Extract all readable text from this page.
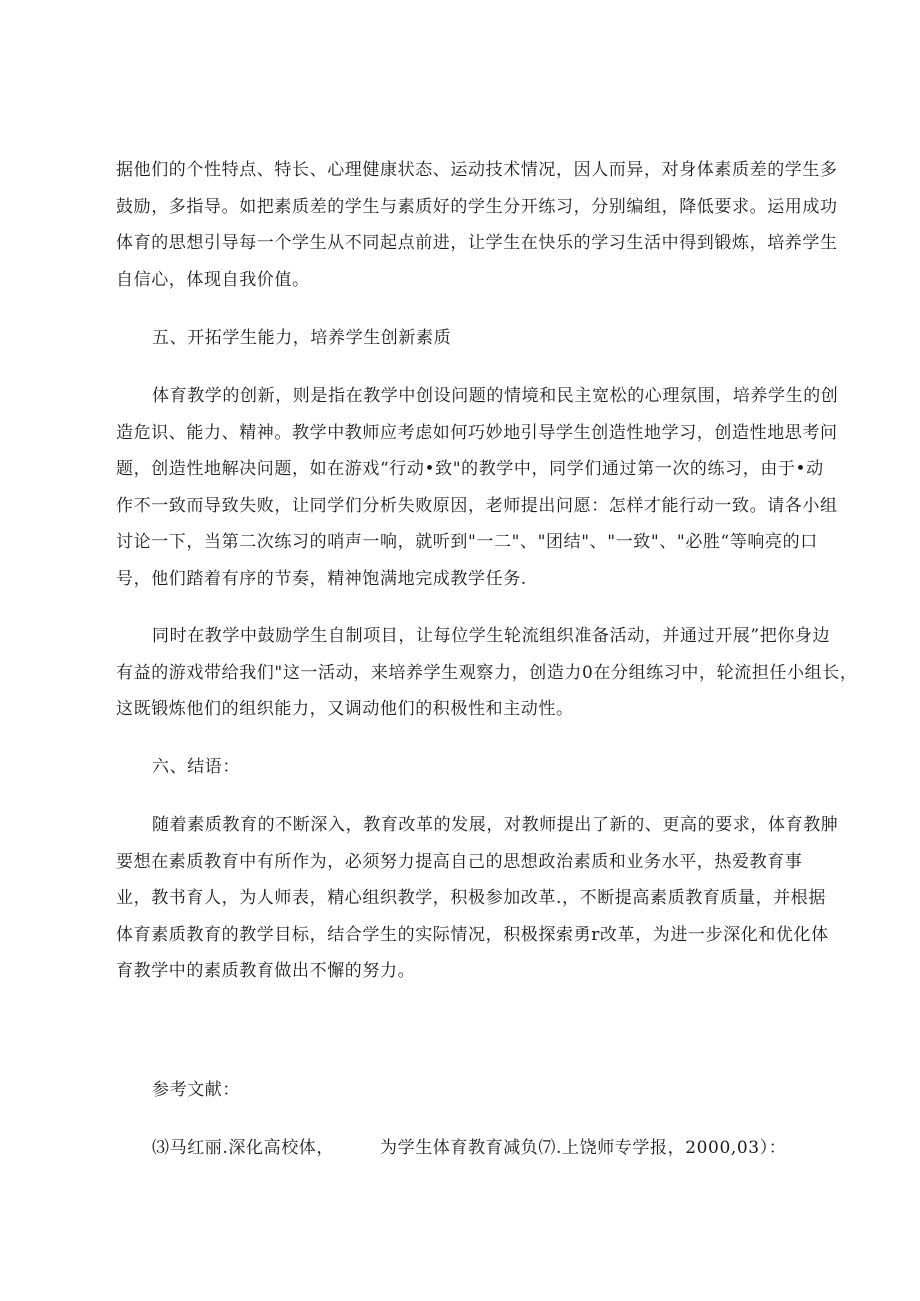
据他们的个性特点、特长、心理健康状态、运动技术情况，因人而异，对身体素质差的学生多
鼓励，多指导。如把素质差的学生与素质好的学生分开练习，分别编组，降低要求。运用成功
体育的思想引导每一个学生从不同起点前进，让学生在快乐的学习生活中得到锻炼，培养学生
自信心，体现自我价值。
五、开拓学生能力，培养学生创新素质
体育教学的创新，则是指在教学中创设问题的情境和民主宽松的心理氛围，培养学生的创
造危识、能力、精神。教学中教师应考虑如何巧妙地引导学生创造性地学习，创造性地思考问
题，创造性地解决问题，如在游戏“行动•致"的教学中，同学们通过第一次的练习，由于•动
作不一致而导致失败，让同学们分析失败原因，老师提出问愿：怎样才能行动一致。请各小组
讨论一下，当第二次练习的哨声一响，就听到"一二"、"团结"、"一致"、"必胜“等响亮的口
号，他们踏着有序的节奏，精神饱满地完成教学任务.
同时在教学中鼓励学生自制项目，让每位学生轮流组织准备活动，并通过开展”把你身边
有益的游戏带给我们"这一活动，来培养学生观察力，创造力0在分组练习中，轮流担任小组长，
这既锻炼他们的组织能力，又调动他们的积极性和主动性。
六、结语：
随着素质教育的不断深入，教育改革的发展，对教师提出了新的、更高的要求，体育教胂
要想在素质教育中有所作为，必须努力提高自己的思想政治素质和业务水平，热爱教育事
业，教书育人，为人师表，精心组织教学，积极参加改革.，不断提高素质教育质量，并根据
体育素质教育的教学目标，结合学生的实际情况，积极探索勇r改革，为进一步深化和优化体
育教学中的素质教育做出不懈的努力。
参考文献：
⑶马红丽.深化高校体，	为学生体育教育减负⑺.上饶师专学报，2000,03）：
